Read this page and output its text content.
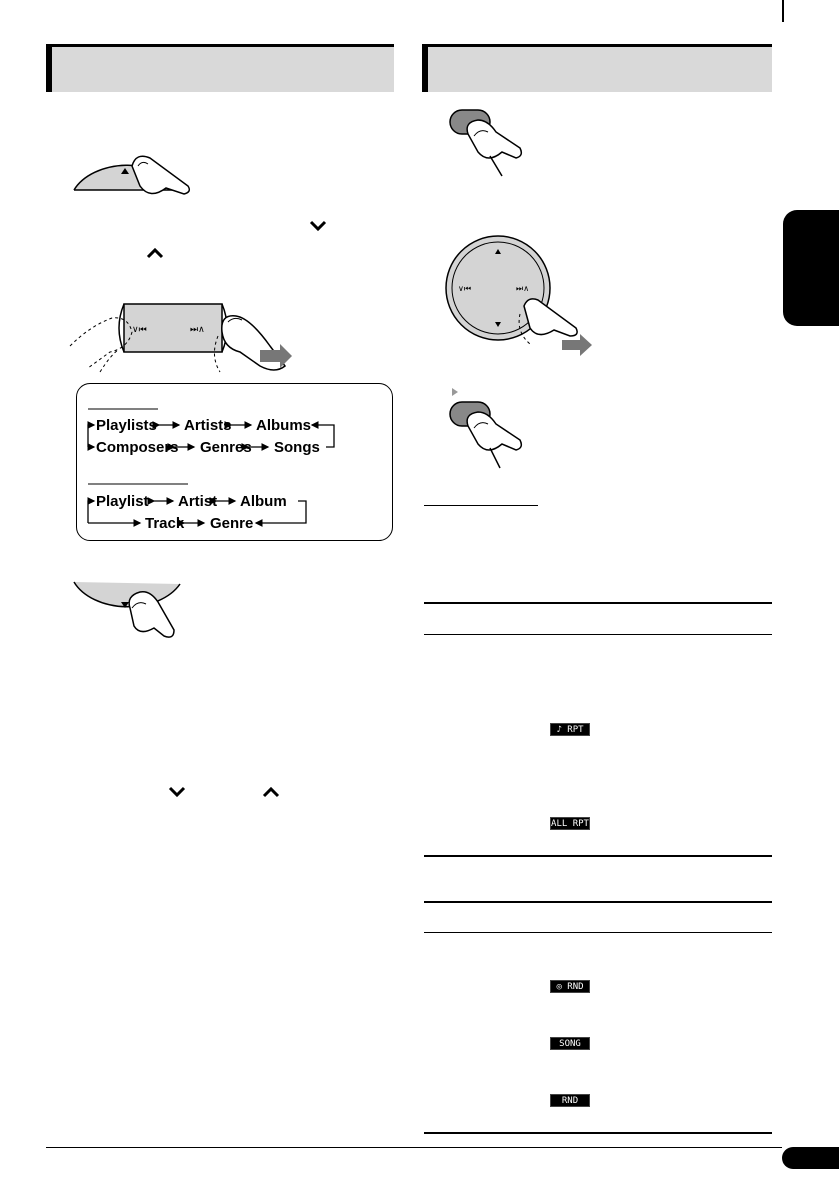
∨⏮	⏭∧
Playlists Artists Albums
Composers Genres Songs
Playlist Artist Album
Track Genre
∨⏮	⏭∧
♪ RPT
ALL RPT
◎ RND
SONG RND
RND
